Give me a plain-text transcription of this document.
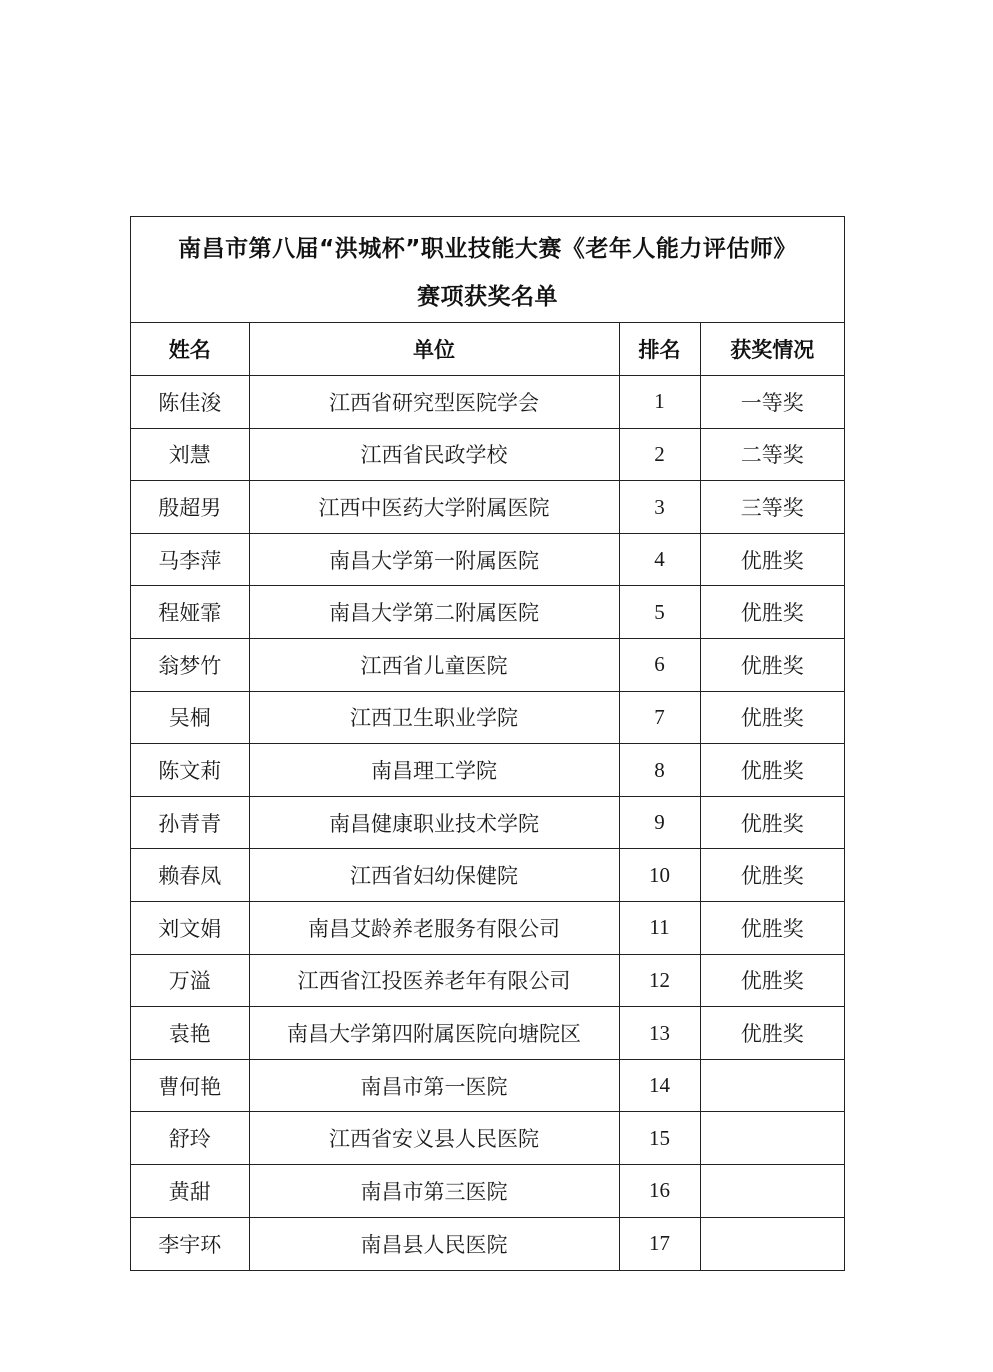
南昌市第八届“洪城杯”职业技能大赛《老年人能力评估师》
赛项获奖名单
姓名	单位	排名	获奖情况
陈佳浚	江西省研究型医院学会	1	一等奖
刘慧	江西省民政学校	2	二等奖
殷超男	江西中医药大学附属医院	3	三等奖
马李萍	南昌大学第一附属医院	4	优胜奖
程娅霏	南昌大学第二附属医院	5	优胜奖
翁梦竹	江西省儿童医院	6	优胜奖
吴桐	江西卫生职业学院	7	优胜奖
陈文莉	南昌理工学院	8	优胜奖
孙青青	南昌健康职业技术学院	9	优胜奖
赖春凤	江西省妇幼保健院	10	优胜奖
刘文娟	南昌艾龄养老服务有限公司	11	优胜奖
万溢	江西省江投医养老年有限公司	12	优胜奖
袁艳	南昌大学第四附属医院向塘院区	13	优胜奖
曹何艳	南昌市第一医院	14	
舒玲	江西省安义县人民医院	15	
黄甜	南昌市第三医院	16	
李宇环	南昌县人民医院	17	
